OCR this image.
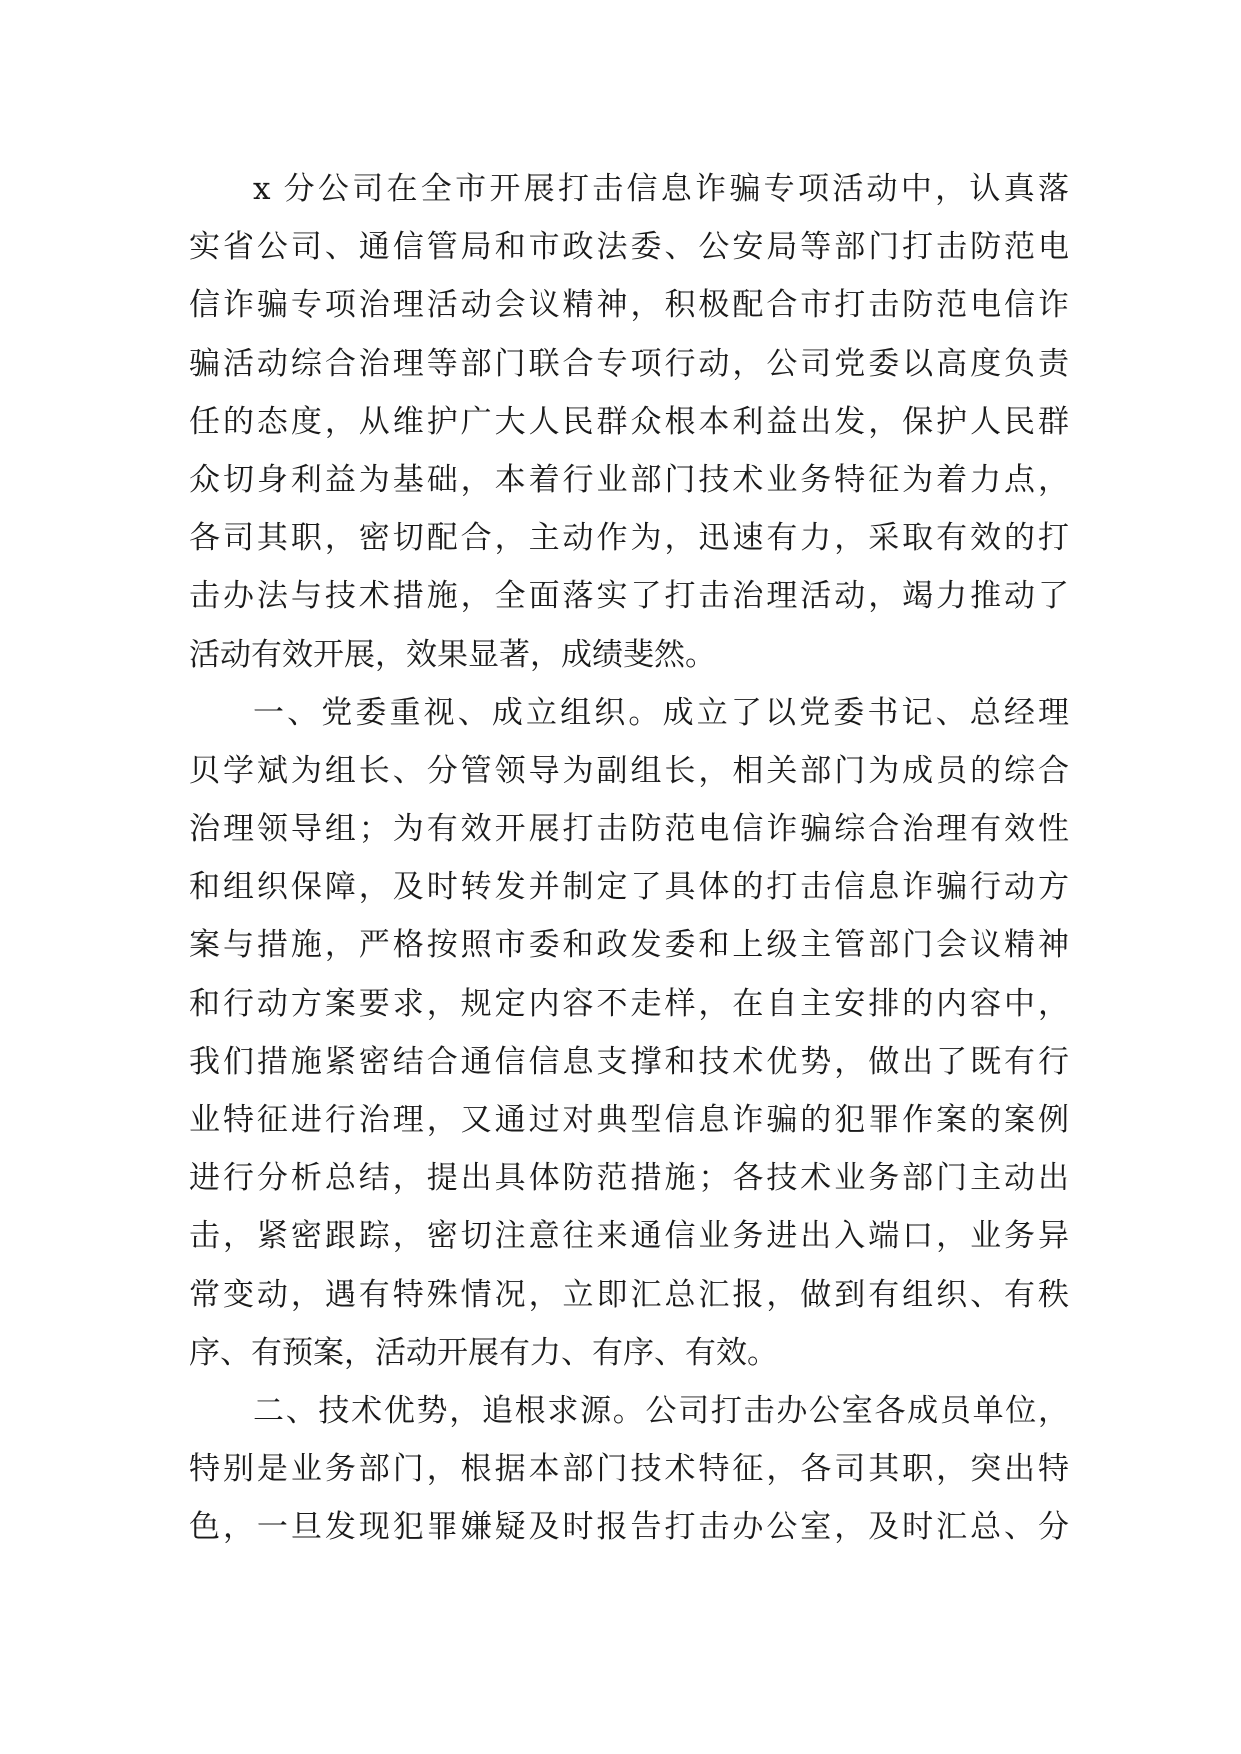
x 分公司在全市开展打击信息诈骗专项活动中，认真落
实省公司、通信管局和市政法委、公安局等部门打击防范电
信诈骗专项治理活动会议精神，积极配合市打击防范电信诈
骗活动综合治理等部门联合专项行动，公司党委以高度负责
任的态度，从维护广大人民群众根本利益出发，保护人民群
众切身利益为基础，本着行业部门技术业务特征为着力点，
各司其职，密切配合，主动作为，迅速有力，采取有效的打
击办法与技术措施，全面落实了打击治理活动，竭力推动了
活动有效开展，效果显著，成绩斐然。
一、党委重视、成立组织。成立了以党委书记、总经理
贝学斌为组长、分管领导为副组长，相关部门为成员的综合
治理领导组；为有效开展打击防范电信诈骗综合治理有效性
和组织保障，及时转发并制定了具体的打击信息诈骗行动方
案与措施，严格按照市委和政发委和上级主管部门会议精神
和行动方案要求，规定内容不走样，在自主安排的内容中，
我们措施紧密结合通信信息支撑和技术优势，做出了既有行
业特征进行治理，又通过对典型信息诈骗的犯罪作案的案例
进行分析总结，提出具体防范措施；各技术业务部门主动出
击，紧密跟踪，密切注意往来通信业务进出入端口，业务异
常变动，遇有特殊情况，立即汇总汇报，做到有组织、有秩
序、有预案，活动开展有力、有序、有效。
二、技术优势，追根求源。公司打击办公室各成员单位，
特别是业务部门，根据本部门技术特征，各司其职，突出特
色，一旦发现犯罪嫌疑及时报告打击办公室，及时汇总、分
